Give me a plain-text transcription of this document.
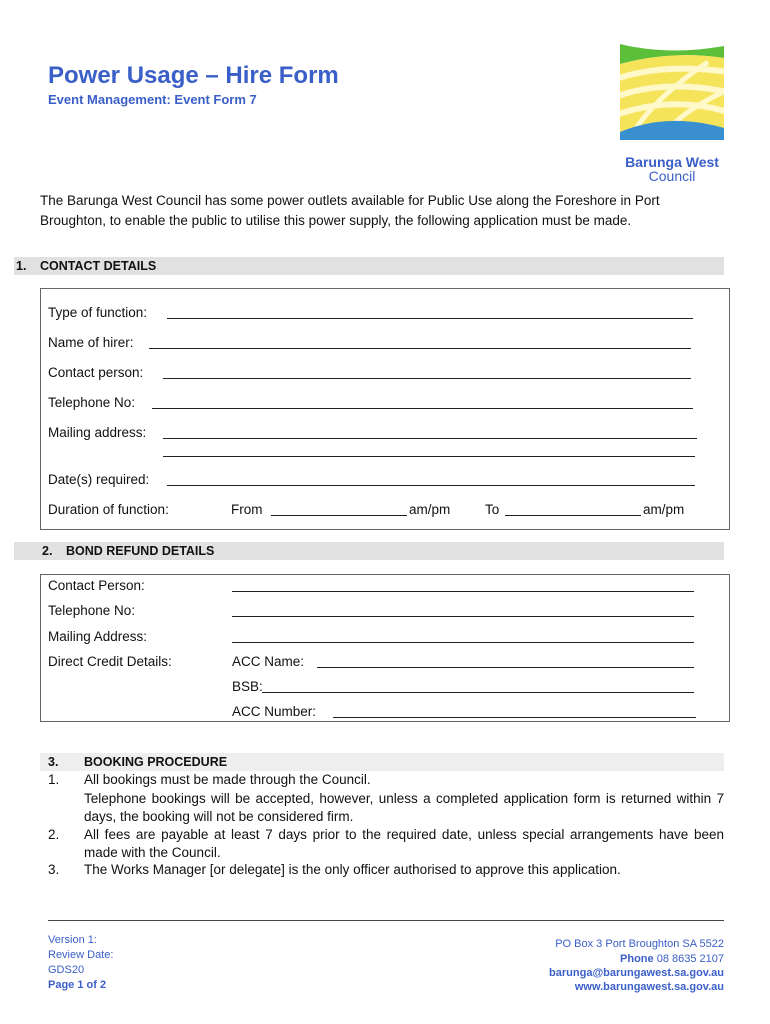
Power Usage – Hire Form
Event Management: Event Form 7
Barunga West
Council
The Barunga West Council has some power outlets available for Public Use along the Foreshore in Port Broughton, to enable the public to utilise this power supply, the following application must be made.
1. CONTACT DETAILS
Type of function:
Name of hirer:
Contact person:
Telephone No:
Mailing address:
Date(s) required:
Duration of function:	From	am/pm	To	am/pm
2. BOND REFUND DETAILS
Contact Person:
Telephone No:
Mailing Address:
Direct Credit Details:	ACC Name:
BSB:
ACC Number:
3. BOOKING PROCEDURE
1. All bookings must be made through the Council.
Telephone bookings will be accepted, however, unless a completed application form is returned within 7 days, the booking will not be considered firm.
2. All fees are payable at least 7 days prior to the required date, unless special arrangements have been made with the Council.
3. The Works Manager [or delegate] is the only officer authorised to approve this application.
Version 1:
Review Date:
GDS20
Page 1 of 2
PO Box 3 Port Broughton SA 5522
Phone 08 8635 2107
barunga@barungawest.sa.gov.au
www.barungawest.sa.gov.au
